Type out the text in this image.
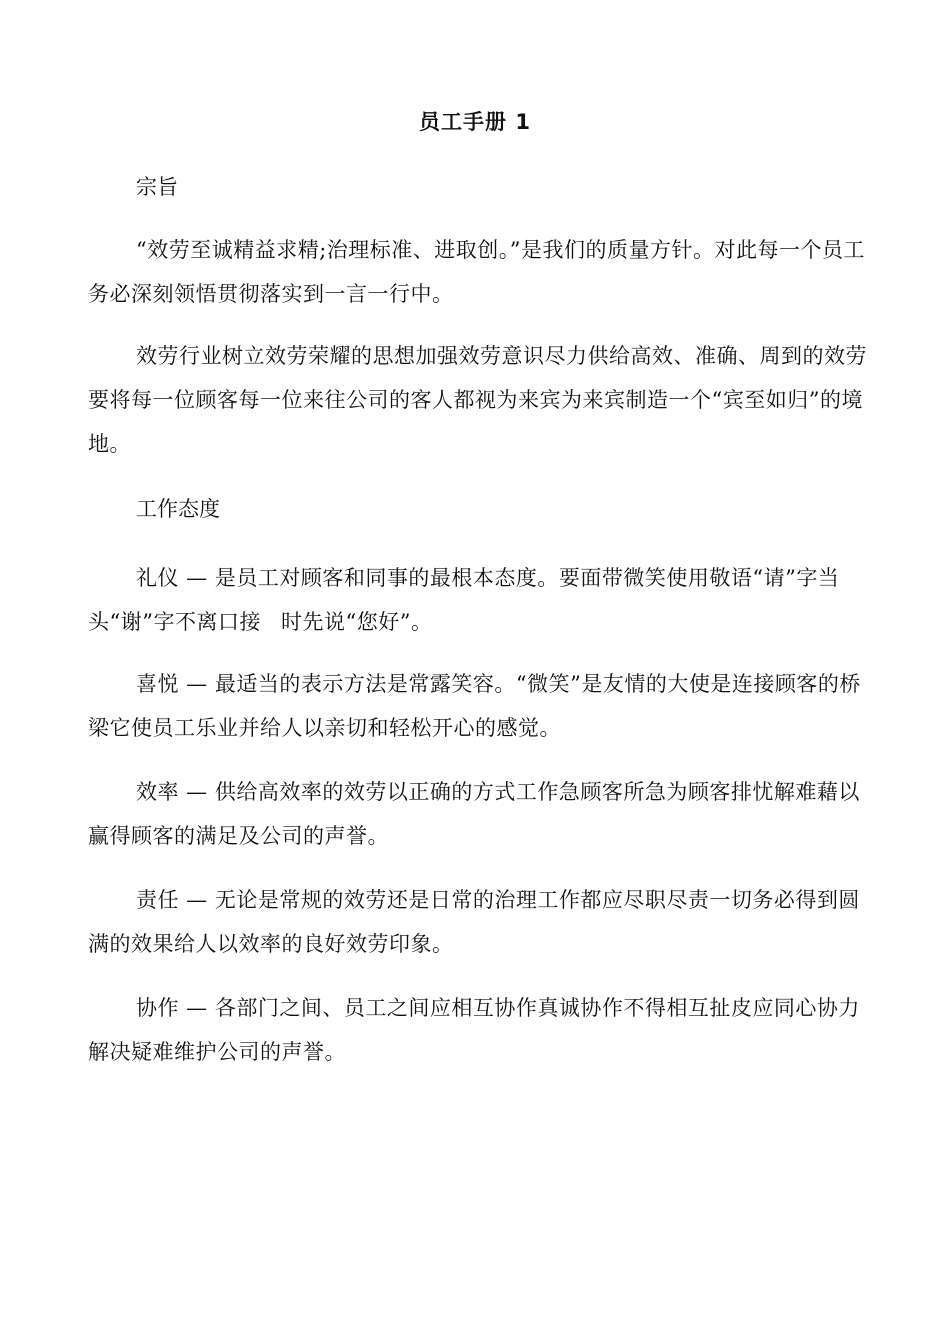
员工手册 1
宗旨
“效劳至诚精益求精;治理标准、进取创。”是我们的质量方针。对此每一个员工务必深刻领悟贯彻落实到一言一行中。
效劳行业树立效劳荣耀的思想加强效劳意识尽力供给高效、准确、周到的效劳要将每一位顾客每一位来往公司的客人都视为来宾为来宾制造一个“宾至如归”的境地。
工作态度
礼仪 — 是员工对顾客和同事的最根本态度。要面带微笑使用敬语“请”字当头“谢”字不离口接 时先说“您好”。
喜悦 — 最适当的表示方法是常露笑容。“微笑”是友情的大使是连接顾客的桥梁它使员工乐业并给人以亲切和轻松开心的感觉。
效率 — 供给高效率的效劳以正确的方式工作急顾客所急为顾客排忧解难藉以赢得顾客的满足及公司的声誉。
责任 — 无论是常规的效劳还是日常的治理工作都应尽职尽责一切务必得到圆满的效果给人以效率的良好效劳印象。
协作 — 各部门之间、员工之间应相互协作真诚协作不得相互扯皮应同心协力解决疑难维护公司的声誉。
